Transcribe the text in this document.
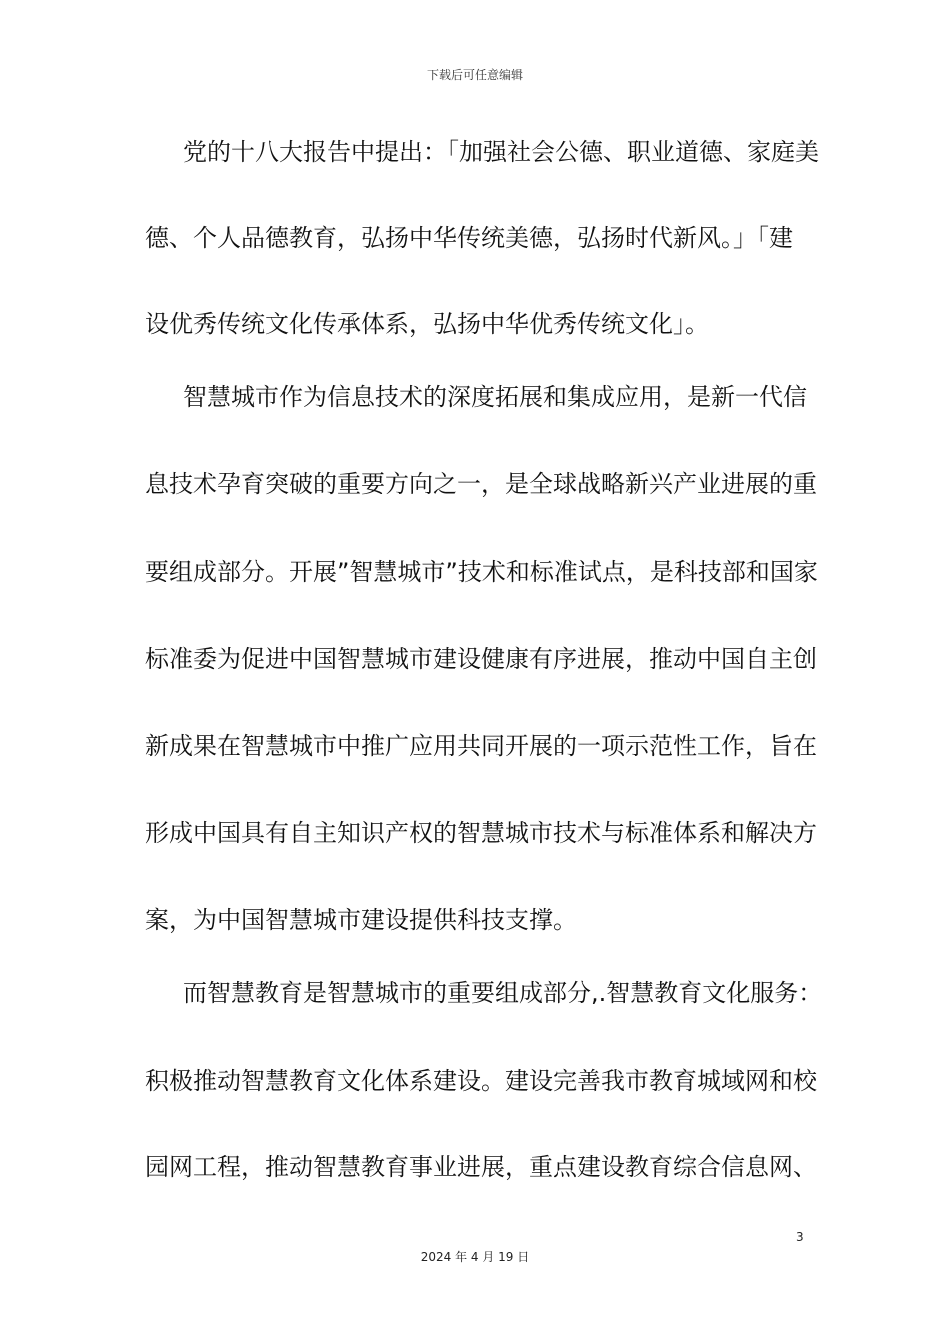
下载后可任意编辑
党的十八大报告中提出：「加强社会公德、职业道德、家庭美
德、个人品德教育，弘扬中华传统美德，弘扬时代新风。」「建
设优秀传统文化传承体系，弘扬中华优秀传统文化」。
智慧城市作为信息技术的深度拓展和集成应用，是新一代信
息技术孕育突破的重要方向之一，是全球战略新兴产业进展的重
要组成部分。开展”智慧城市”技术和标准试点，是科技部和国家
标准委为促进中国智慧城市建设健康有序进展，推动中国自主创
新成果在智慧城市中推广应用共同开展的一项示范性工作，旨在
形成中国具有自主知识产权的智慧城市技术与标准体系和解决方
案，为中国智慧城市建设提供科技支撑。
而智慧教育是智慧城市的重要组成部分,.智慧教育文化服务：
积极推动智慧教育文化体系建设。建设完善我市教育城域网和校
园网工程，推动智慧教育事业进展，重点建设教育综合信息网、
3
2024 年 4 月 19 日
